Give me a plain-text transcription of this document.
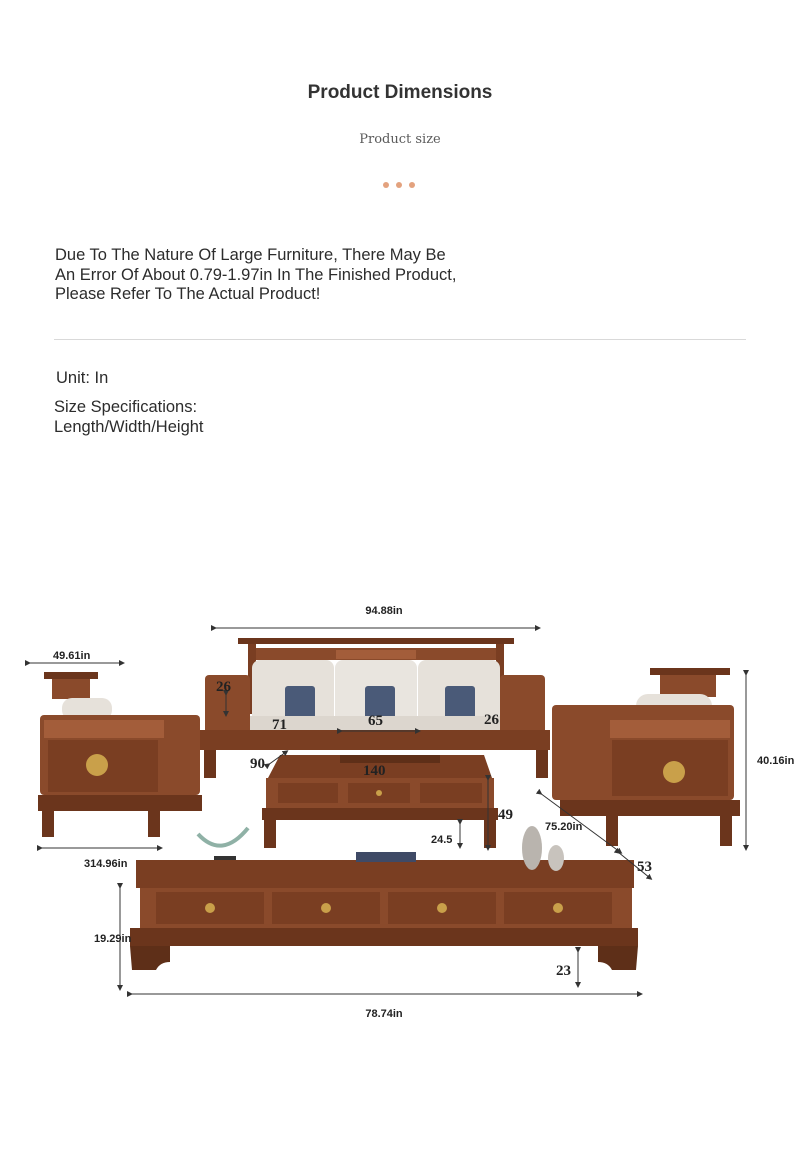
Product Dimensions
Product size
Due To The Nature Of Large Furniture, There May Be
An Error Of About 0.79-1.97in In The Finished Product,
Please Refer To The Actual Product!
Unit: In
Size Specifications:
Length/Width/Height
94.88in
49.61in
40.16in
314.96in
75.20in
19.29in
78.74in
26
71	65	26
90	140
49
24.5
53
23
